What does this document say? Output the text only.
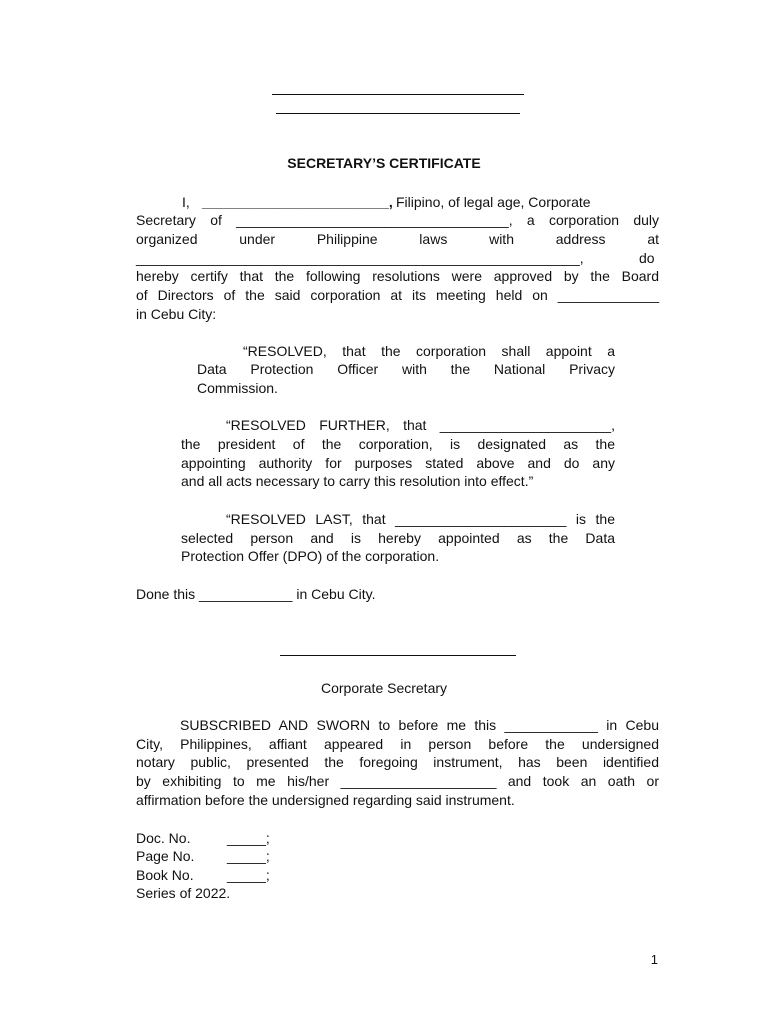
SECRETARY’S CERTIFICATE
I, ________________________, Filipino, of legal age, Corporate
Secretary of ___________________________________, a corporation duly
organized under Philippine laws with address at
_________________________________________________________,	do
hereby certify that the following resolutions were approved by the Board
of Directors of the said corporation at its meeting held on _____________
in Cebu City:
“RESOLVED, that the corporation shall appoint a
Data Protection Officer with the National Privacy
Commission.
“RESOLVED FURTHER, that ______________________,
the president of the corporation, is designated as the
appointing authority for purposes stated above and do any
and all acts necessary to carry this resolution into effect.”
“RESOLVED LAST, that ______________________ is the
selected person and is hereby appointed as the Data
Protection Offer (DPO) of the corporation.
Done this ____________ in Cebu City.
Corporate Secretary
SUBSCRIBED AND SWORN to before me this ____________ in Cebu
City, Philippines, affiant appeared in person before the undersigned
notary public, presented the foregoing instrument, has been identified
by exhibiting to me his/her ____________________ and took an oath or
affirmation before the undersigned regarding said instrument.
Doc. No.	_____;
Page No. _____;
Book No. _____;
Series of 2022.
1
